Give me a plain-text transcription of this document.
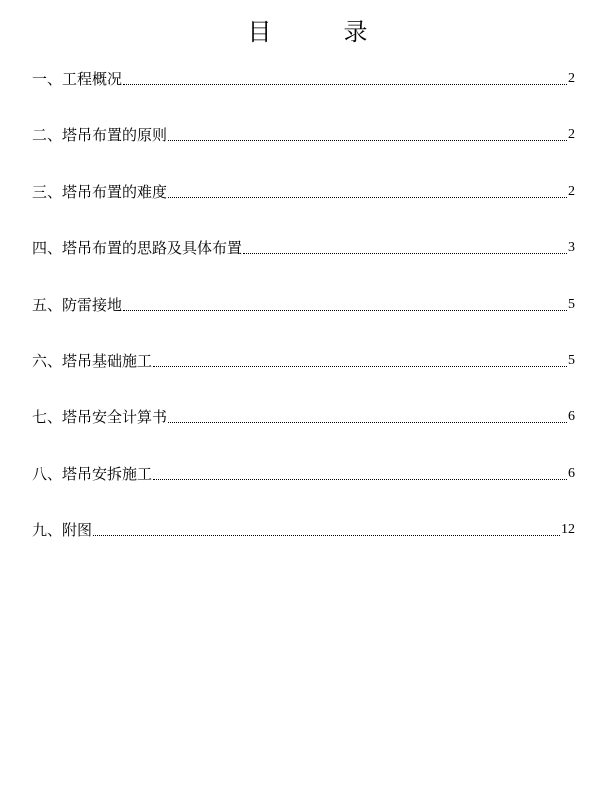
目　录
一、工程概况	2
二、塔吊布置的原则	2
三、塔吊布置的难度	2
四、塔吊布置的思路及具体布置	3
五、防雷接地	5
六、塔吊基础施工	5
七、塔吊安全计算书	6
八、塔吊安拆施工	6
九、附图	12
